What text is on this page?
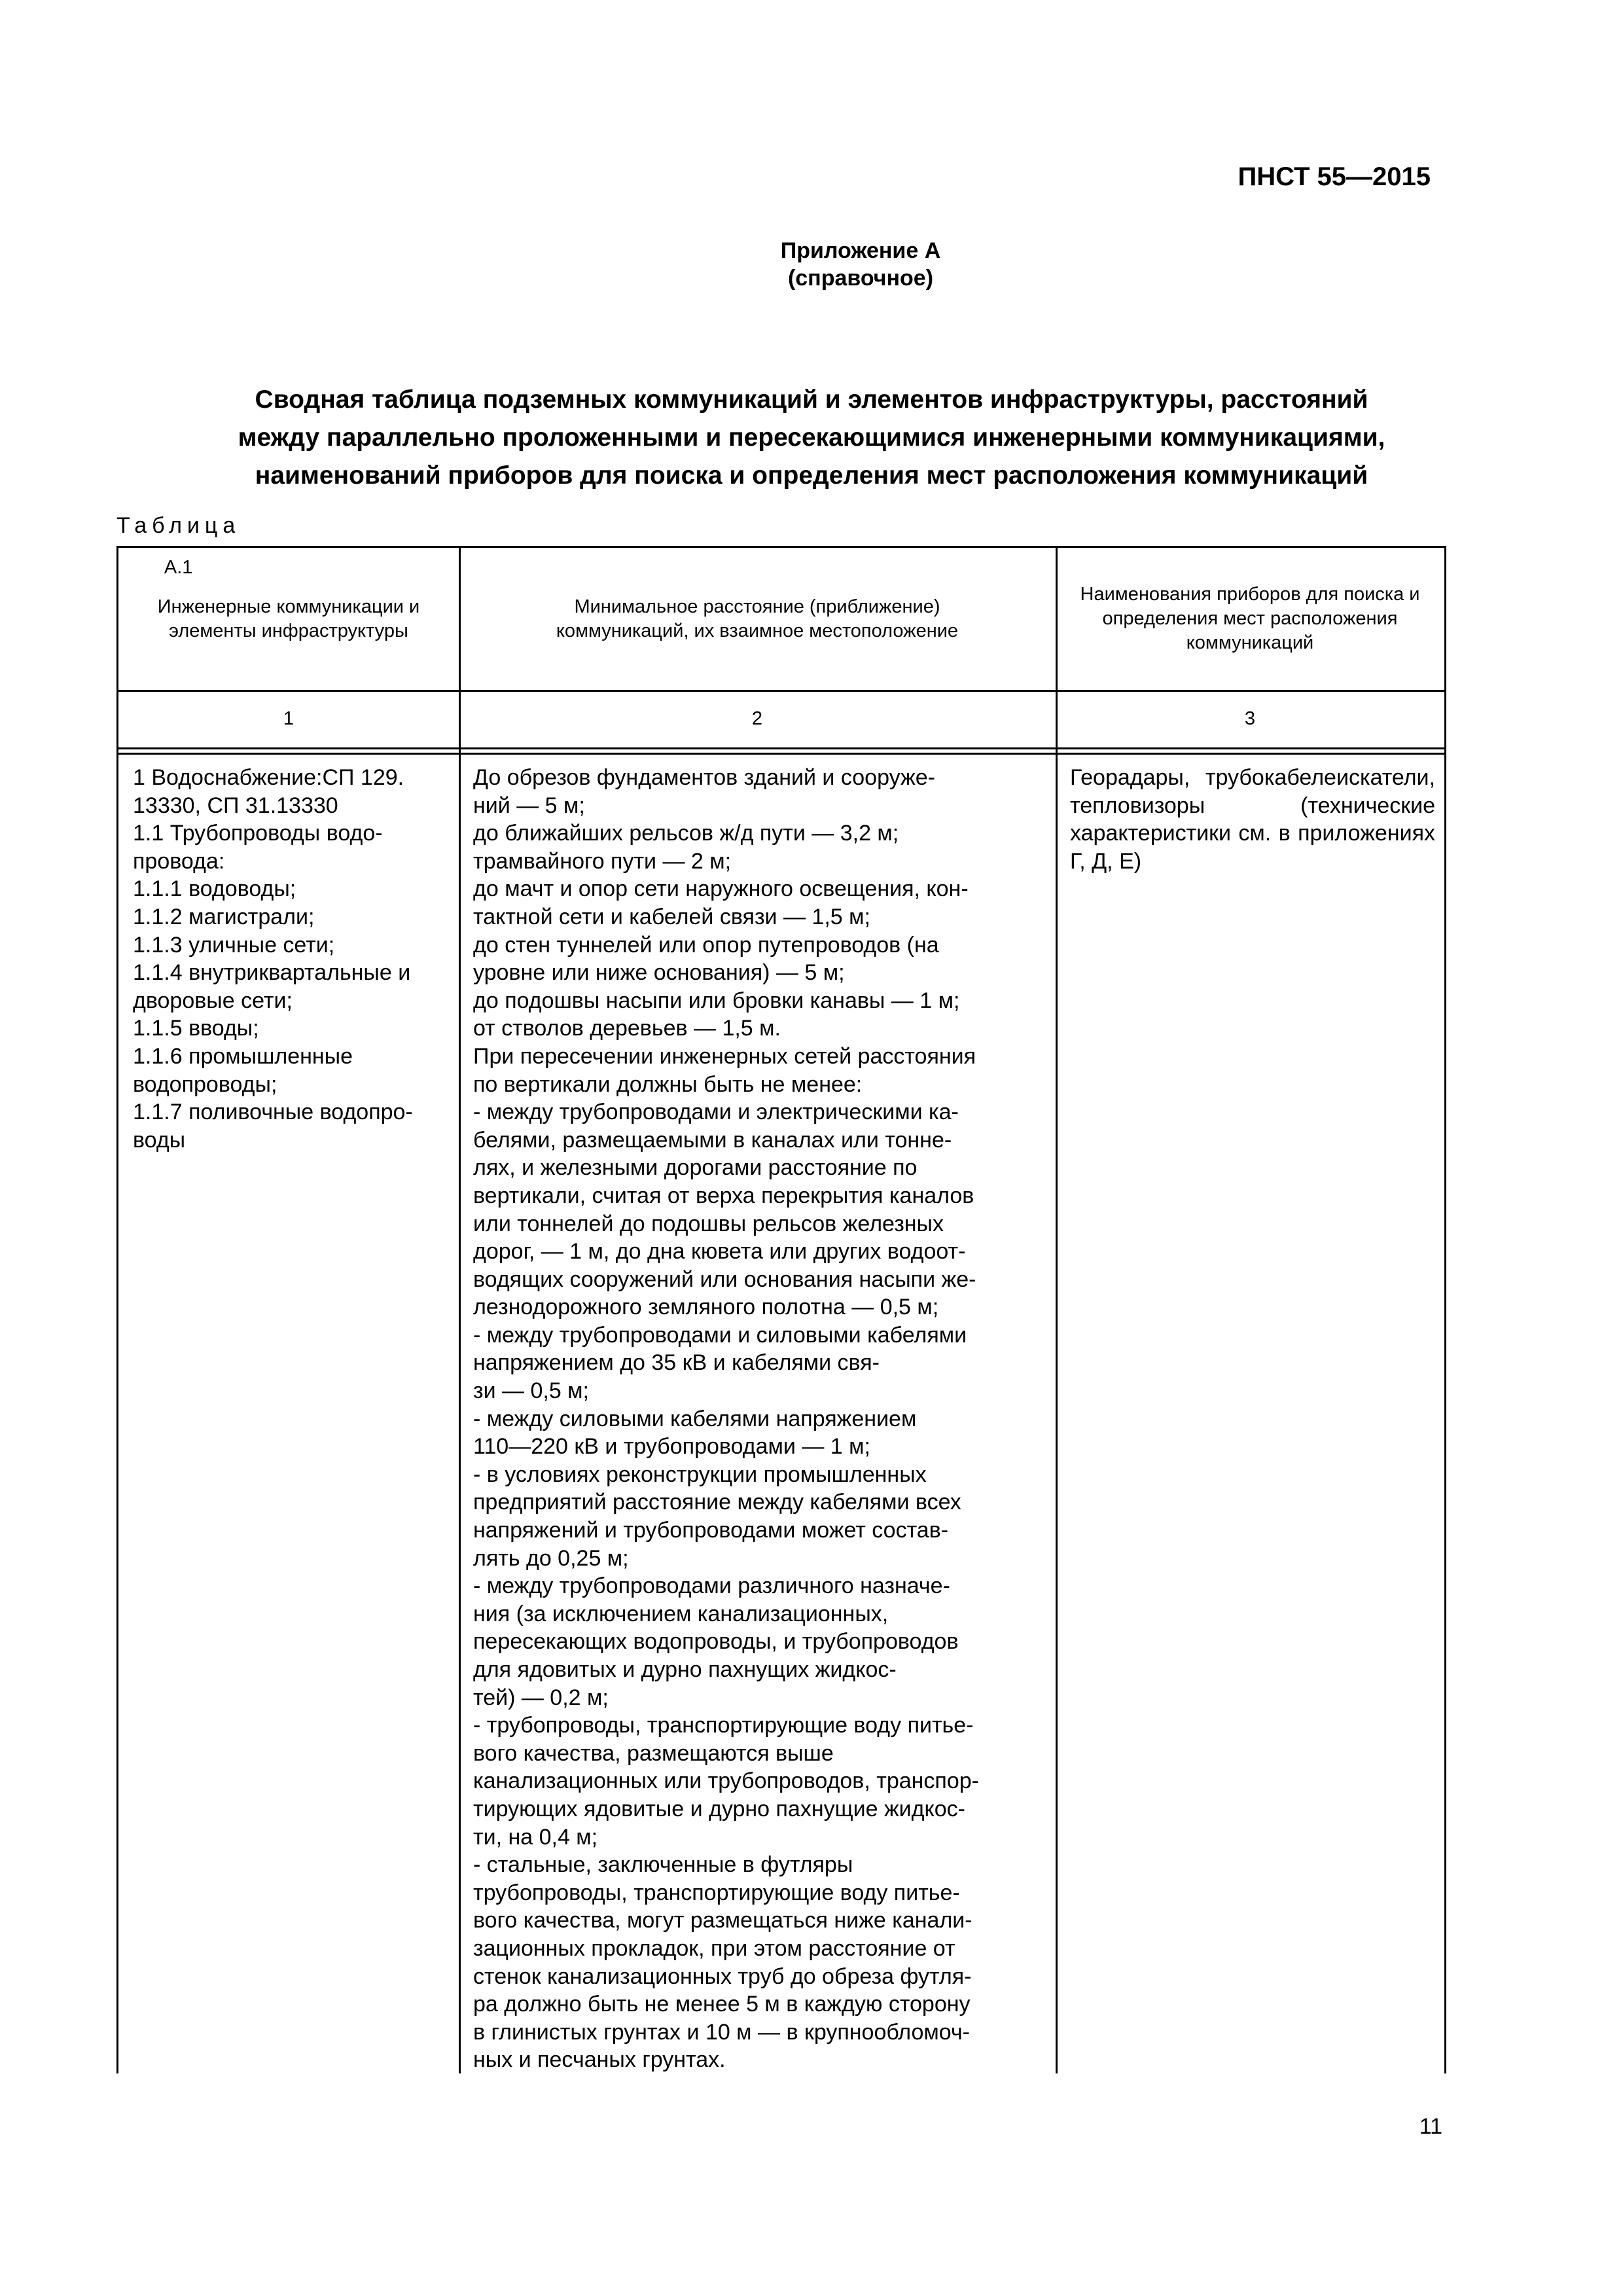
ПНСТ 55—2015
Приложение А
(справочное)
Сводная таблица подземных коммуникаций и элементов инфраструктуры, расстояний
между параллельно проложенными и пересекающимися инженерными коммуникациями,
наименований приборов для поиска и определения мест расположения коммуникаций
Таблица
А.1
Инженерные коммуникации и элементы инфраструктуры
Минимальное расстояние (приближение) коммуникаций, их взаимное местоположение
Наименования приборов для поиска и определения мест расположения коммуникаций
1	2	3
1 Водоснабжение:СП 129.
13330, СП 31.13330
1.1 Трубопроводы водо-
провода:
1.1.1 водоводы;
1.1.2 магистрали;
1.1.3 уличные сети;
1.1.4 внутриквартальные и
дворовые сети;
1.1.5 вводы;
1.1.6 промышленные
водопроводы;
1.1.7 поливочные водопро-
воды
До обрезов фундаментов зданий и сооруже-
ний — 5 м;
до ближайших рельсов ж/д пути — 3,2 м;
трамвайного пути — 2 м;
до мачт и опор сети наружного освещения, кон-
тактной сети и кабелей связи — 1,5 м;
до стен туннелей или опор путепроводов (на
уровне или ниже основания) — 5 м;
до подошвы насыпи или бровки канавы — 1 м;
от стволов деревьев — 1,5 м.
При пересечении инженерных сетей расстояния
по вертикали должны быть не менее:
- между трубопроводами и электрическими ка-
белями, размещаемыми в каналах или тонне-
лях, и железными дорогами расстояние по
вертикали, считая от верха перекрытия каналов
или тоннелей до подошвы рельсов железных
дорог, — 1 м, до дна кювета или других водоот-
водящих сооружений или основания насыпи же-
лезнодорожного земляного полотна — 0,5 м;
- между трубопроводами и силовыми кабелями
напряжением до 35 кВ и кабелями свя-
зи — 0,5 м;
- между силовыми кабелями напряжением
110—220 кВ и трубопроводами — 1 м;
- в условиях реконструкции промышленных
предприятий расстояние между кабелями всех
напряжений и трубопроводами может состав-
лять до 0,25 м;
- между трубопроводами различного назначе-
ния (за исключением канализационных,
пересекающих водопроводы, и трубопроводов
для ядовитых и дурно пахнущих жидкос-
тей) — 0,2 м;
- трубопроводы, транспортирующие воду питье-
вого качества, размещаются выше
канализационных или трубопроводов, транспор-
тирующих ядовитые и дурно пахнущие жидкос-
ти, на 0,4 м;
- стальные, заключенные в футляры
трубопроводы, транспортирующие воду питье-
вого качества, могут размещаться ниже канали-
зационных прокладок, при этом расстояние от
стенок канализационных труб до обреза футля-
ра должно быть не менее 5 м в каждую сторону
в глинистых грунтах и 10 м — в крупнообломоч-
ных и песчаных грунтах.
Георадары, трубокабелеискатели, тепловизоры (технические характеристики см. в приложениях Г, Д, Е)
11
